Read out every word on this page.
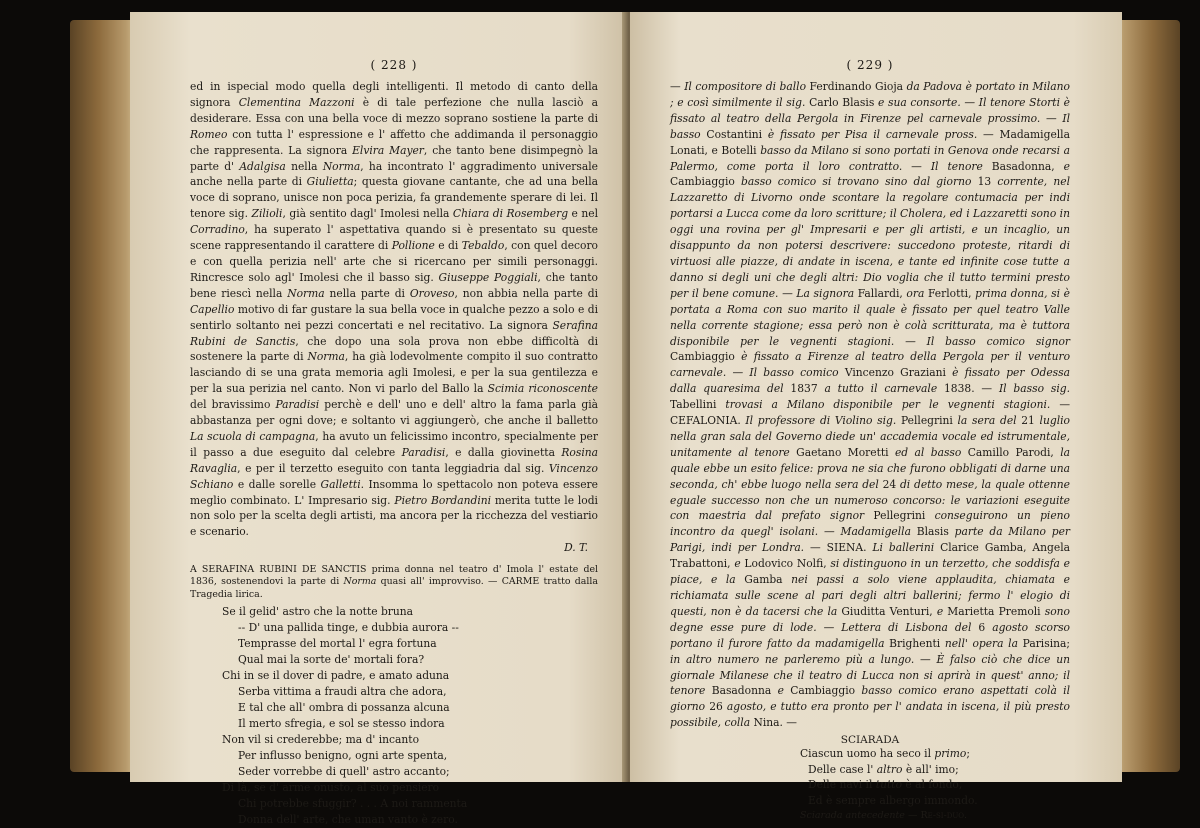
( 228 )

ed in ispecial modo quella degli intelligenti. Il metodo di canto della signora Clementina Mazzoni è di tale perfezione che nulla lasciò a desiderare. Essa con una bella voce di mezzo soprano sostiene la parte di Romeo con tutta l' espressione e l' affetto che addimanda il personaggio che rappresenta. La signora Elvira Mayer, che tanto bene disimpegnò la parte d' Adalgisa nella Norma, ha incontrato l' aggradimento universale anche nella parte di Giulietta; questa giovane cantante, che ad una bella voce di soprano, unisce non poca perizia, fa grandemente sperare di lei. Il tenore sig. Zilioli, già sentito dagl' Imolesi nella Chiara di Rosemberg e nel Corradino, ha superato l' aspettativa quando si è presentato su queste scene rappresentando il carattere di Pollione e di Tebaldo, con quel decoro e con quella perizia nell' arte che si ricercano per simili personaggi. Rincresce solo agl' Imolesi che il basso sig. Giuseppe Poggiali, che tanto bene riescì nella Norma nella parte di Oroveso, non abbia nella parte di Capellio motivo di far gustare la sua bella voce in qualche pezzo a solo e di sentirlo soltanto nei pezzi concertati e nel recitativo. La signora Serafina Rubini de Sanctis, che dopo una sola prova non ebbe difficoltà di sostenere la parte di Norma, ha già lodevolmente compito il suo contratto lasciando di se una grata memoria agli Imolesi, e per la sua gentilezza e per la sua perizia nel canto. Non vi parlo del Ballo la Scimia riconoscente del bravissimo Paradisi perchè e dell' uno e dell' altro la fama parla già abbastanza per ogni dove; e soltanto vi aggiungerò, che anche il balletto La scuola di campagna, ha avuto un felicissimo incontro, specialmente per il passo a due eseguito dal celebre Paradisi, e dalla giovinetta Rosina Ravaglia, e per il terzetto eseguito con tanta leggiadria dal sig. Vincenzo Schiano e dalle sorelle Galletti. Insomma lo spettacolo non poteva essere meglio combinato. L' Impresario sig. Pietro Bordandini merita tutte le lodi non solo per la scelta degli artisti, ma ancora per la ricchezza del vestiario e scenario.

D. T.
A SERAFINA RUBINI DE SANCTIS prima donna nel teatro d' Imola l' estate del 1836, sostenendovi la parte di Norma quasi all' improvviso. — CARME tratto dalla Tragedia lirica.
Se il gelid' astro che la notte bruna
-- D' una pallida tinge, e dubbia aurora --
Temprasse del mortal l' egra fortuna
Qual mai la sorte de' mortali fora?
Chi in se il dover di padre, e amato aduna
Serba vittima a fraudi altra che adora,
E tal che all' ombra di possanza alcuna
Il merto sfregia, e sol se stesso indora
Non vil si crederebbe; ma d' incanto
Per influsso benigno, ogni arte spenta,
Seder vorrebbe di quell' astro accanto;
Di là, se d' arme onusto, al suo pensiero
Chi potrebbe sfuggir? . . . A noi rammenta
Donna dell' arte, che uman vanto è zero.
( 229 )

— Il compositore di ballo Ferdinando Gioja da Padova è portato in Milano ; e così similmente il sig. Carlo Blasis e sua consorte. — Il tenore Storti è fissato al teatro della Pergola in Firenze pel carnevale prossimo. — Il basso Costantini è fissato per Pisa il carnevale pross. — Madamigella Lonati, e Botelli basso da Milano si sono portati in Genova onde recarsi a Palermo, come porta il loro contratto. — Il tenore Basadonna, e Cambiaggio basso comico si trovano sino dal giorno 13 corrente, nel Lazzaretto di Livorno onde scontare la regolare contumacia per indi portarsi a Lucca come da loro scritture; il Cholera, ed i Lazzaretti sono in oggi una rovina per gl' Impresarii e per gli artisti, e un incaglio, un disappunto da non potersi descrivere: succedono proteste, ritardi di virtuosi alle piazze, di andate in iscena, e tante ed infinite cose tutte a danno si degli uni che degli altri: Dio voglia che il tutto termini presto per il bene comune. — La signora Fallardi, ora Ferlotti, prima donna, si è portata a Roma con suo marito il quale è fissato per quel teatro Valle nella corrente stagione; essa però non è colà scritturata, ma è tuttora disponibile per le vegnenti stagioni. — Il basso comico signor Cambiaggio è fissato a Firenze al teatro della Pergola per il venturo carnevale. — Il basso comico Vincenzo Graziani è fissato per Odessa dalla quaresima del 1837 a tutto il carnevale 1838. — Il basso sig. Tabellini trovasi a Milano disponibile per le vegnenti stagioni. — CEFALONIA. Il professore di Violino sig. Pellegrini la sera del 21 luglio nella gran sala del Governo diede un' accademia vocale ed istrumentale, unitamente al tenore Gaetano Moretti ed al basso Camillo Parodi, la quale ebbe un esito felice: prova ne sia che furono obbligati di darne una seconda, ch' ebbe luogo nella sera del 24 di detto mese, la quale ottenne eguale successo non che un numeroso concorso: le variazioni eseguite con maestria dal prefato signor Pellegrini conseguirono un pieno incontro da quegl' isolani. — Madamigella Blasis parte da Milano per Parigi, indi per Londra. — SIENA. Li ballerini Clarice Gamba, Angela Trabattoni, e Lodovico Nolfi, si distinguono in un terzetto, che soddisfa e piace, e la Gamba nei passi a solo viene applaudita, chiamata e richiamata sulle scene al pari degli altri ballerini; fermo l' elogio di questi, non è da tacersi che la Giuditta Venturi, e Marietta Premoli sono degne esse pure di lode. — Lettera di Lisbona del 6 agosto scorso portano il furore fatto da madamigella Brighenti nell' opera la Parisina; in altro numero ne parleremo più a lungo. — È falso ciò che dice un giornale Milanese che il teatro di Lucca non si aprirà in quest' anno; il tenore Basadonna e Cambiaggio basso comico erano aspettati colà il giorno 26 agosto, e tutto era pronto per l' andata in iscena, il più presto possibile, colla Nina. —

SCIARADA
Ciascun uomo ha seco il primo;
Delle case l' altro è all' imo;
Delle navi il tutto è al fondo,
Ed è sempre albergo immondo.
Sciarada antecedente — Re-si-duo.
